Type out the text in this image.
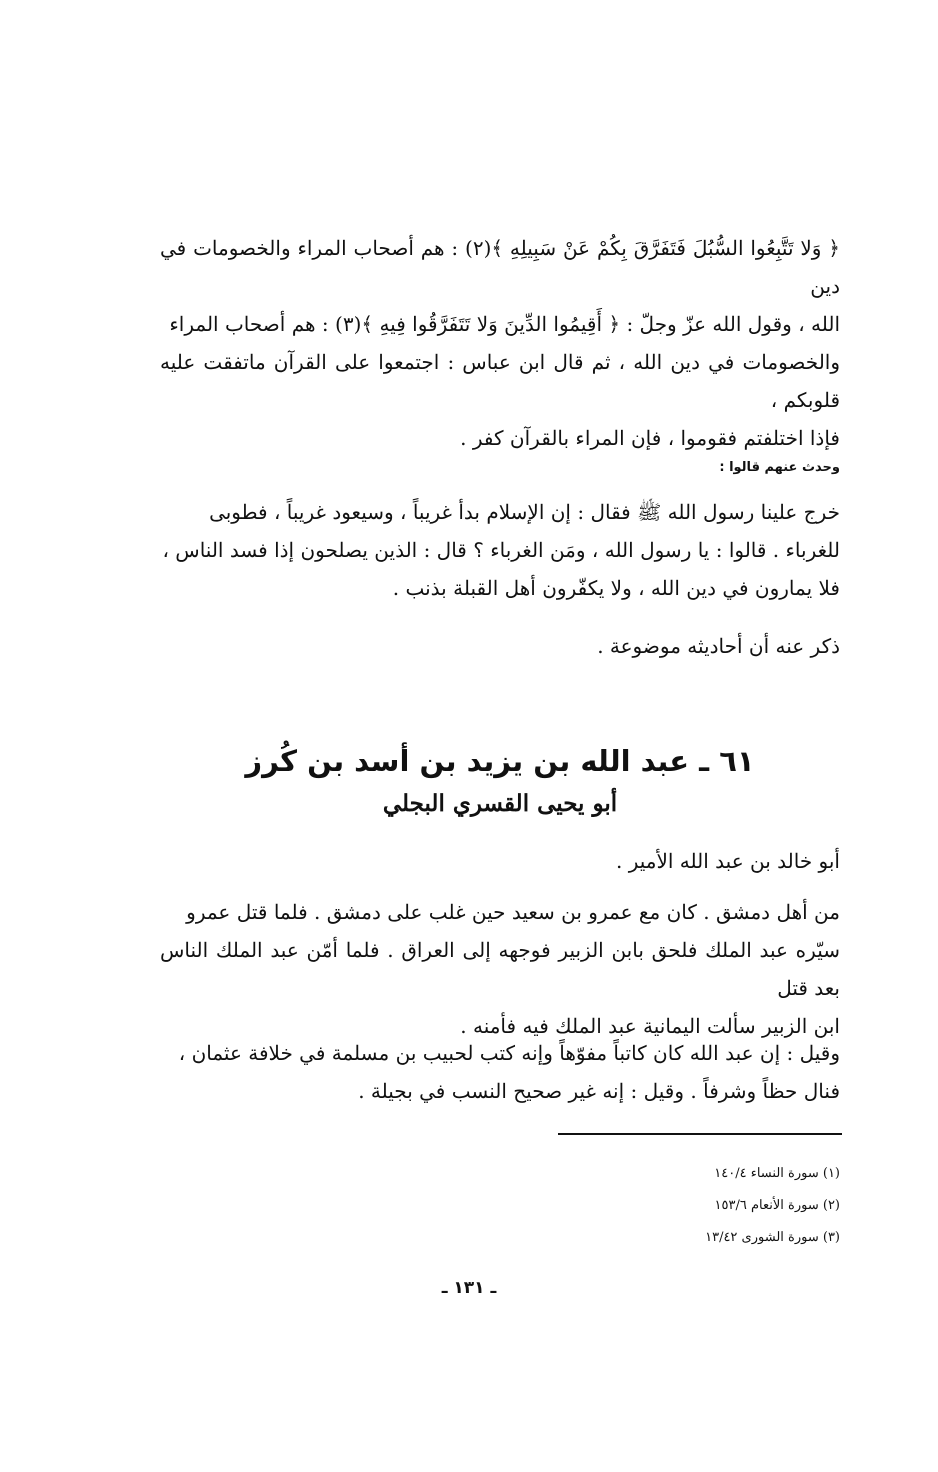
﴿ وَلا تَتَّبِعُوا السُّبُلَ فَتَفَرَّقَ بِكُمْ عَنْ سَبِيلِهِ ﴾(٢) : هم أصحاب المراء والخصومات في دين
الله ، وقول الله عزّ وجلّ : ﴿ أَقِيمُوا الدِّينَ وَلا تَتَفَرَّقُوا فِيهِ ﴾(٣) : هم أصحاب المراء
والخصومات في دين الله ، ثم قال ابن عباس : اجتمعوا على القرآن ماتفقت عليه قلوبكم ،
فإذا اختلفتم فقوموا ، فإن المراء بالقرآن كفر .
وحدث عنهم قالوا :
خرج علينا رسول الله ﷺ فقال : إن الإسلام بدأ غريباً ، وسيعود غريباً ، فطوبى
للغرباء . قالوا : يا رسول الله ، ومَن الغرباء ؟ قال : الذين يصلحون إذا فسد الناس ،
فلا يمارون في دين الله ، ولا يكفّرون أهل القبلة بذنب .
ذكر عنه أن أحاديثه موضوعة .
٦١ ـ عبد الله بن يزيد بن أسد بن كُرز
أبو يحيى القسري البجلي
أبو خالد بن عبد الله الأمير .
من أهل دمشق . كان مع عمرو بن سعيد حين غلب على دمشق . فلما قتل عمرو
سيّره عبد الملك فلحق بابن الزبير فوجهه إلى العراق . فلما أمّن عبد الملك الناس بعد قتل
ابن الزبير سألت اليمانية عبد الملك فيه فأمنه .
وقيل : إن عبد الله كان كاتباً مفوّهاً وإنه كتب لحبيب بن مسلمة في خلافة عثمان ،
فنال حظاً وشرفاً . وقيل : إنه غير صحيح النسب في بجيلة .
(١) سورة النساء ١٤٠/٤
(٢) سورة الأنعام ١٥٣/٦
(٣) سورة الشورى ١٣/٤٢
ـ ١٣١ ـ
